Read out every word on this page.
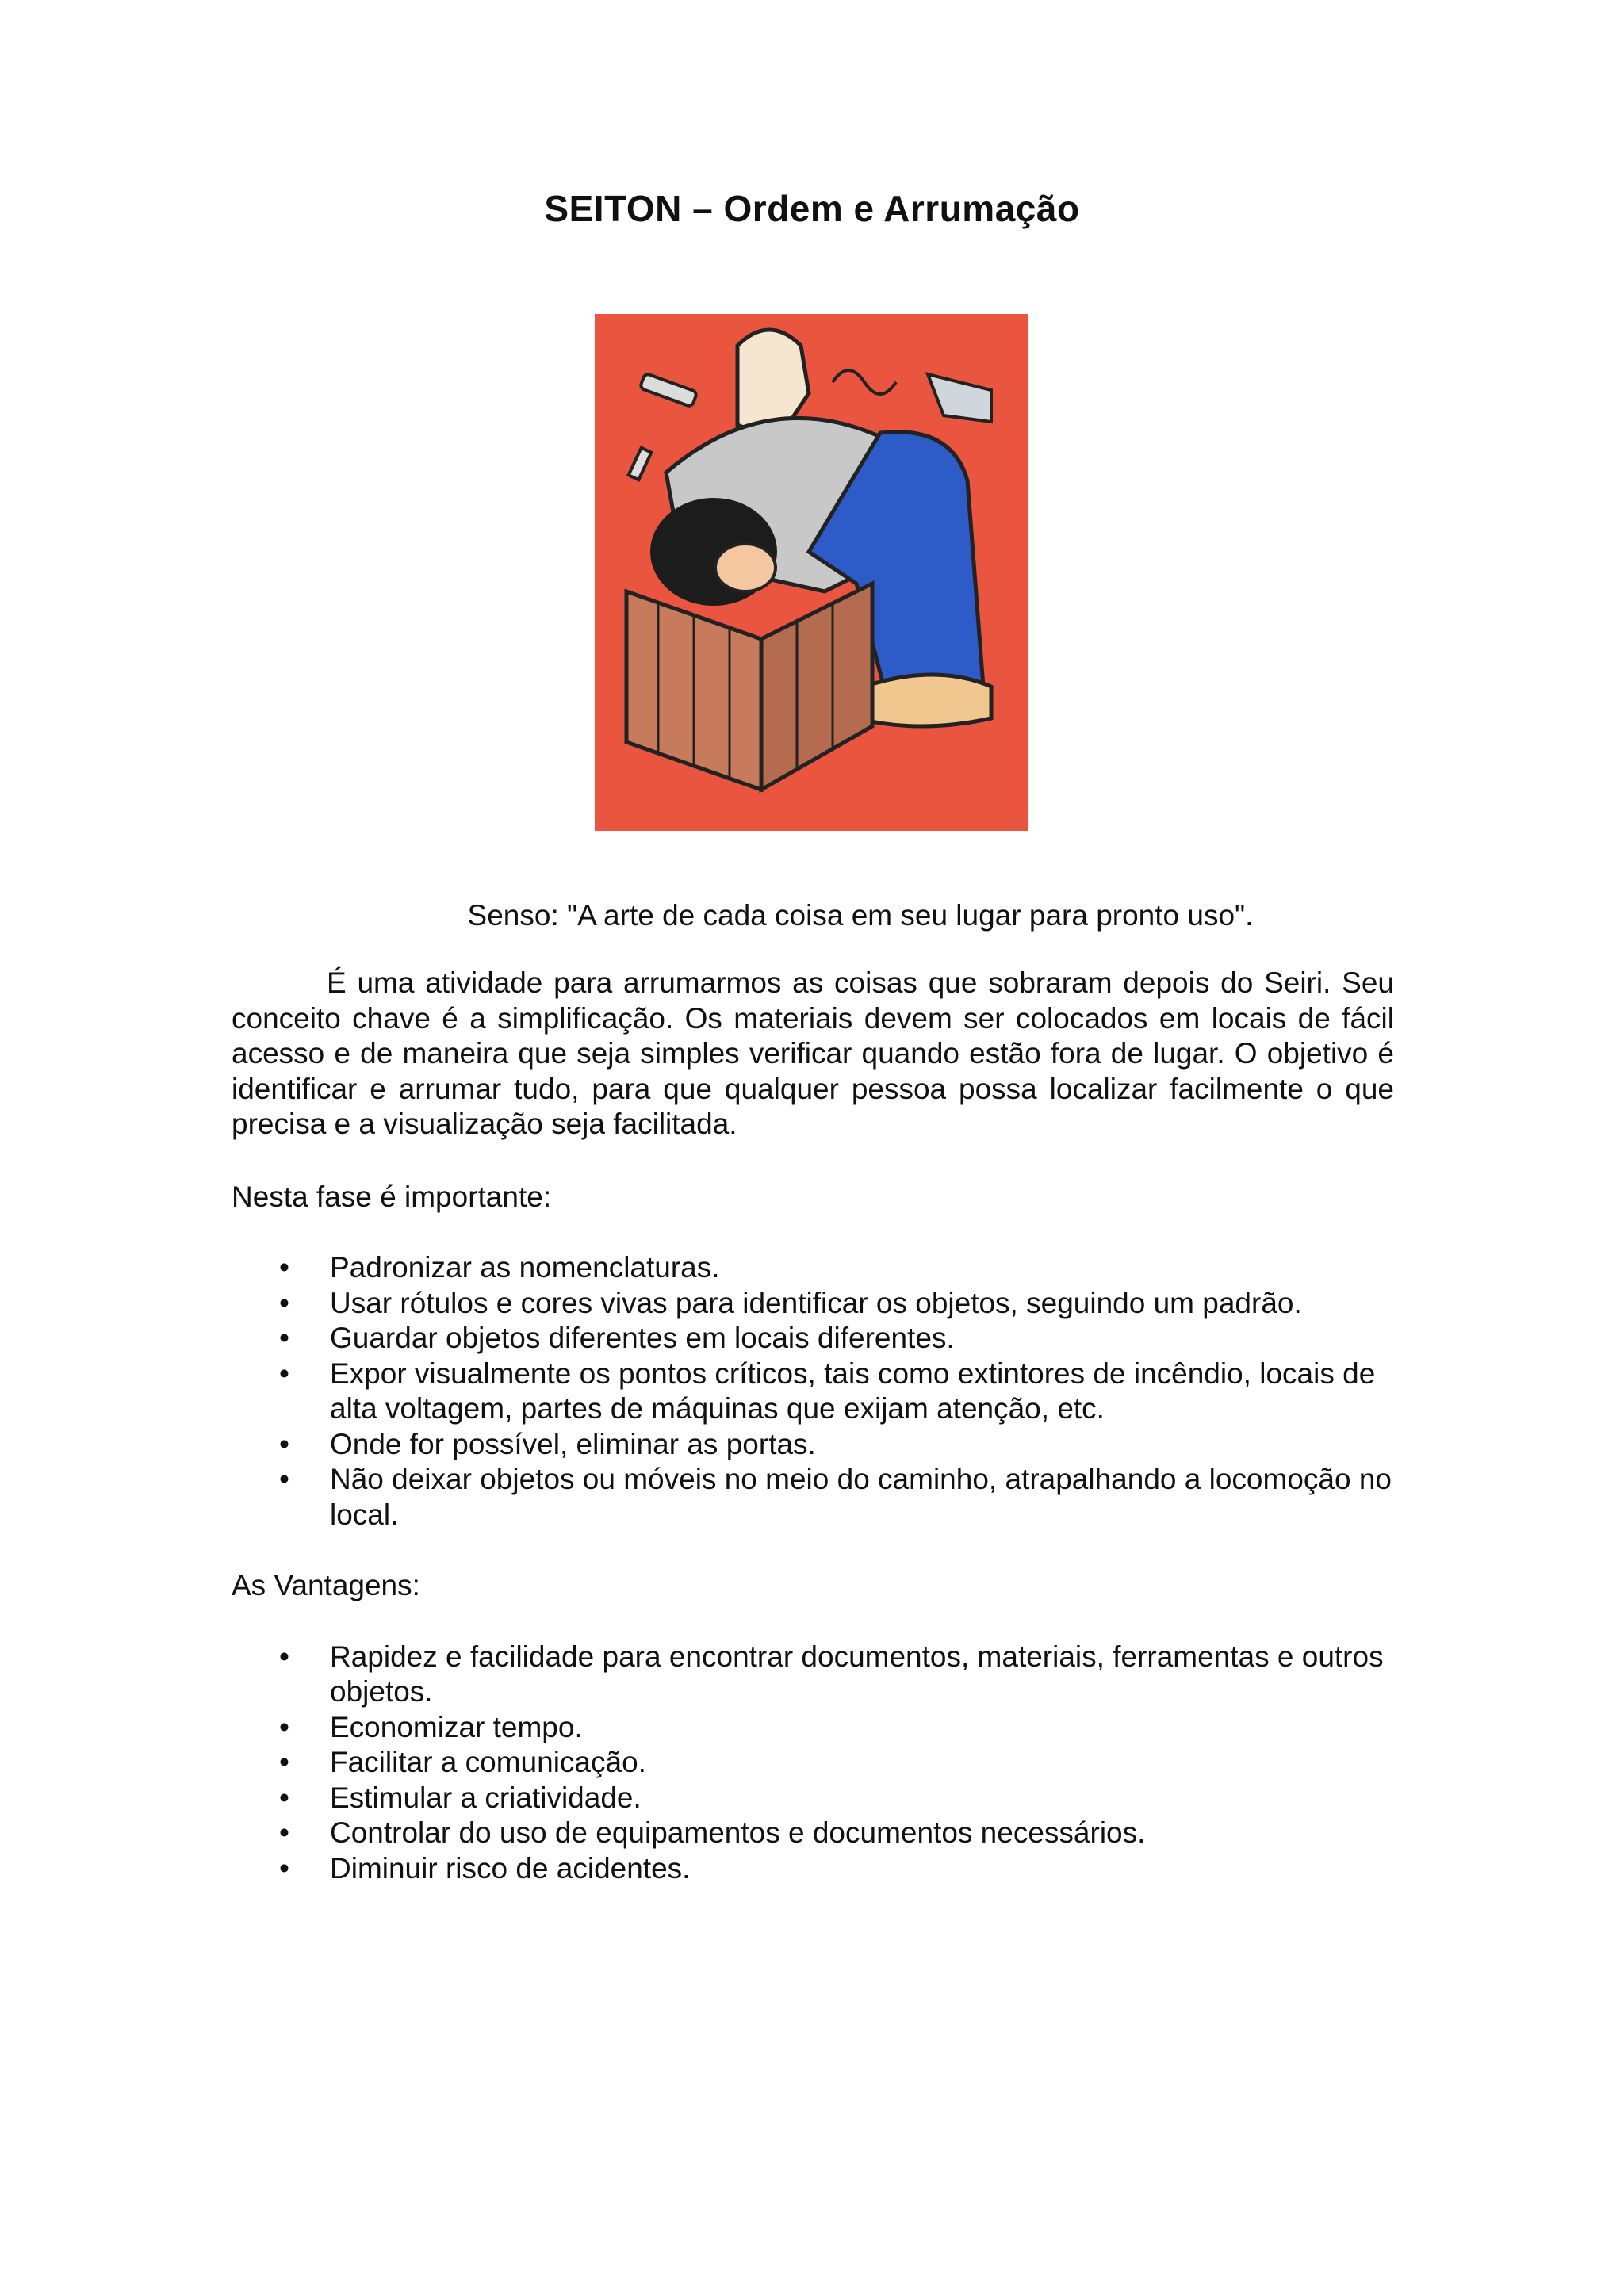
SEITON – Ordem e Arrumação

Senso: "A arte de cada coisa em seu lugar para pronto uso".

É uma atividade para arrumarmos as coisas que sobraram depois do Seiri. Seu conceito chave é a simplificação. Os materiais devem ser colocados em locais de fácil acesso e de maneira que seja simples verificar quando estão fora de lugar. O objetivo é identificar e arrumar tudo, para que qualquer pessoa possa localizar facilmente o que precisa e a visualização seja facilitada.

Nesta fase é importante:

• Padronizar as nomenclaturas.
• Usar rótulos e cores vivas para identificar os objetos, seguindo um padrão.
• Guardar objetos diferentes em locais diferentes.
• Expor visualmente os pontos críticos, tais como extintores de incêndio, locais de alta voltagem, partes de máquinas que exijam atenção, etc.
• Onde for possível, eliminar as portas.
• Não deixar objetos ou móveis no meio do caminho, atrapalhando a locomoção no local.

As Vantagens:

• Rapidez e facilidade para encontrar documentos, materiais, ferramentas e outros objetos.
• Economizar tempo.
• Facilitar a comunicação.
• Estimular a criatividade.
• Controlar do uso de equipamentos e documentos necessários.
• Diminuir risco de acidentes.
